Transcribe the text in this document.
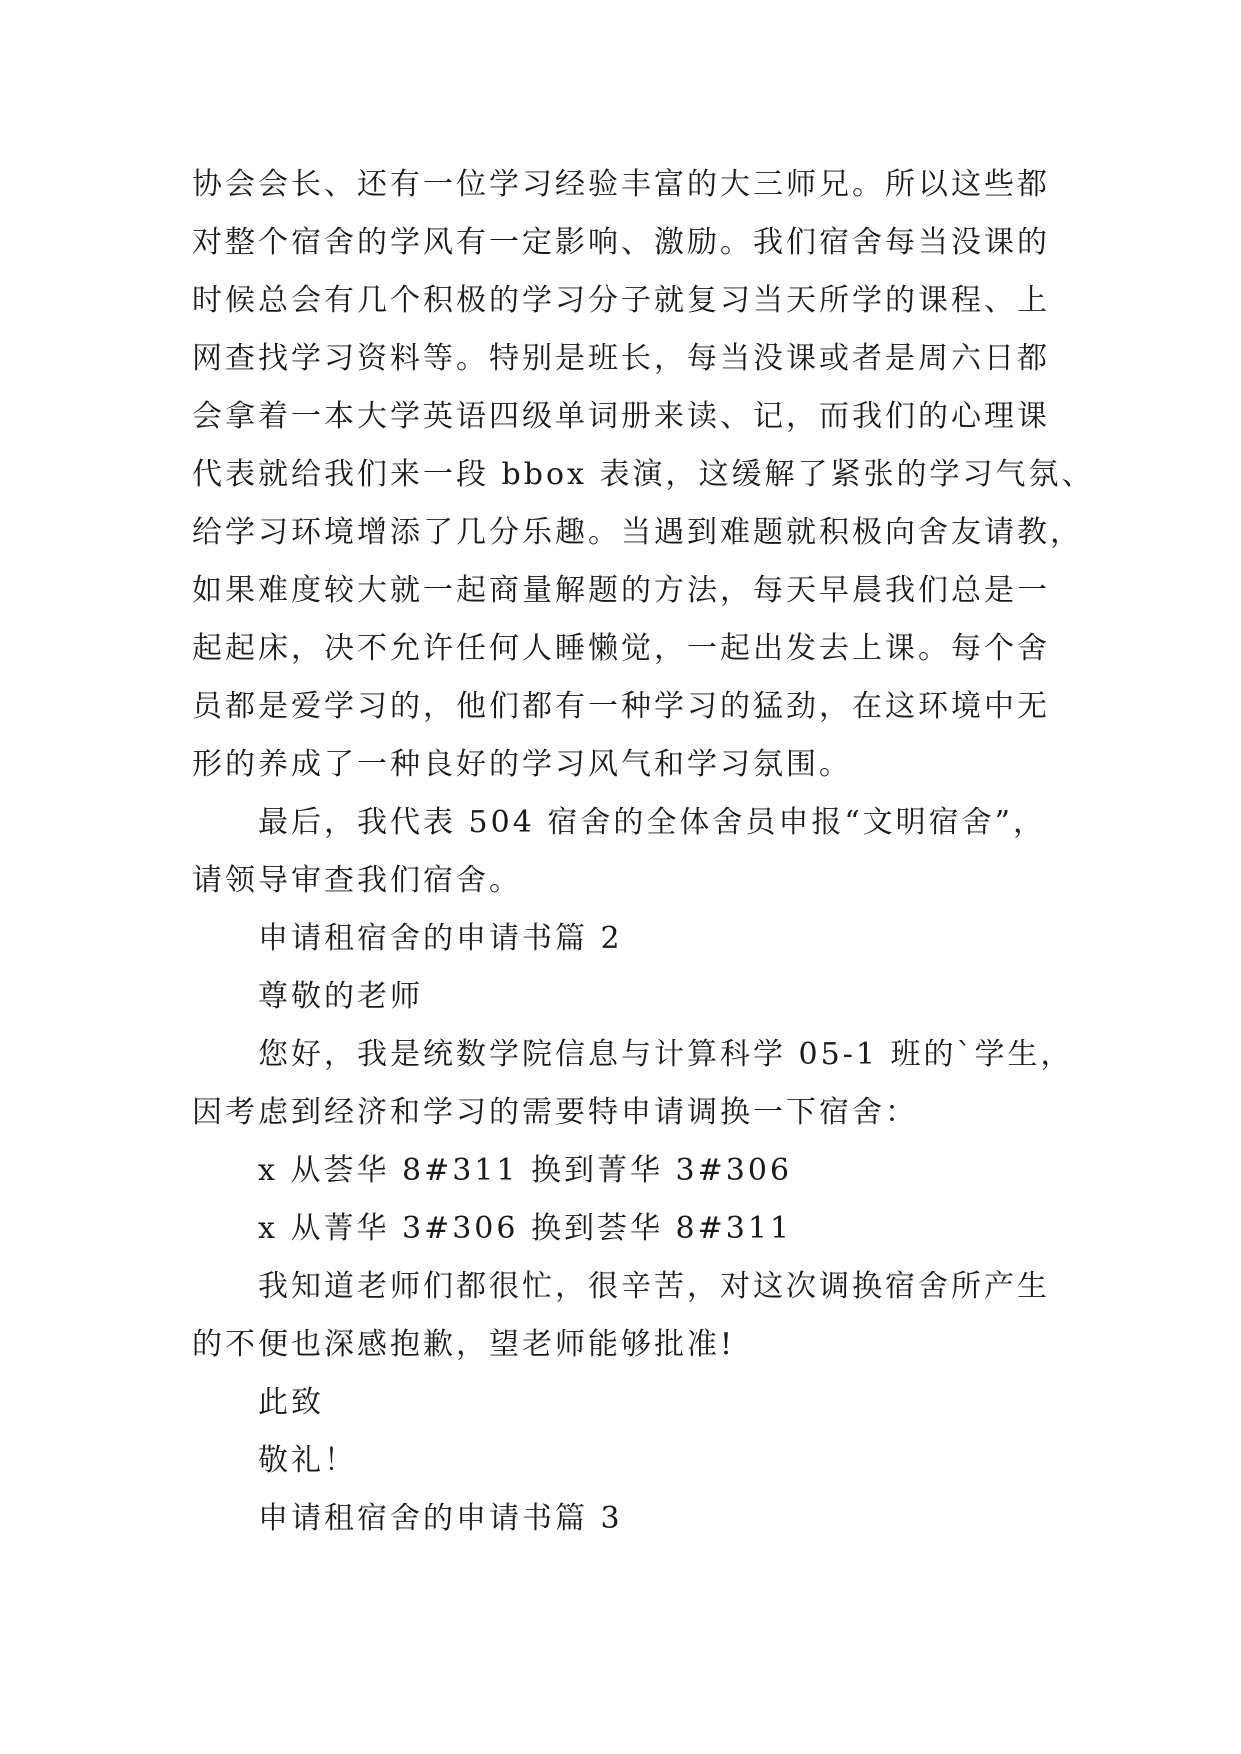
协会会长、还有一位学习经验丰富的大三师兄。所以这些都
对整个宿舍的学风有一定影响、激励。我们宿舍每当没课的
时候总会有几个积极的学习分子就复习当天所学的课程、上
网查找学习资料等。特别是班长，每当没课或者是周六日都
会拿着一本大学英语四级单词册来读、记，而我们的心理课
代表就给我们来一段 bbox 表演，这缓解了紧张的学习气氛、
给学习环境增添了几分乐趣。当遇到难题就积极向舍友请教，
如果难度较大就一起商量解题的方法，每天早晨我们总是一
起起床，决不允许任何人睡懒觉，一起出发去上课。每个舍
员都是爱学习的，他们都有一种学习的猛劲，在这环境中无
形的养成了一种良好的学习风气和学习氛围。
最后，我代表 504 宿舍的全体舍员申报“文明宿舍”，
请领导审查我们宿舍。
申请租宿舍的申请书篇 2
尊敬的老师
您好，我是统数学院信息与计算科学 05-1 班的`学生，
因考虑到经济和学习的需要特申请调换一下宿舍：
x 从荟华 8#311 换到菁华 3#306
x 从菁华 3#306 换到荟华 8#311
我知道老师们都很忙，很辛苦，对这次调换宿舍所产生
的不便也深感抱歉，望老师能够批准!
此致
敬礼！
申请租宿舍的申请书篇 3
